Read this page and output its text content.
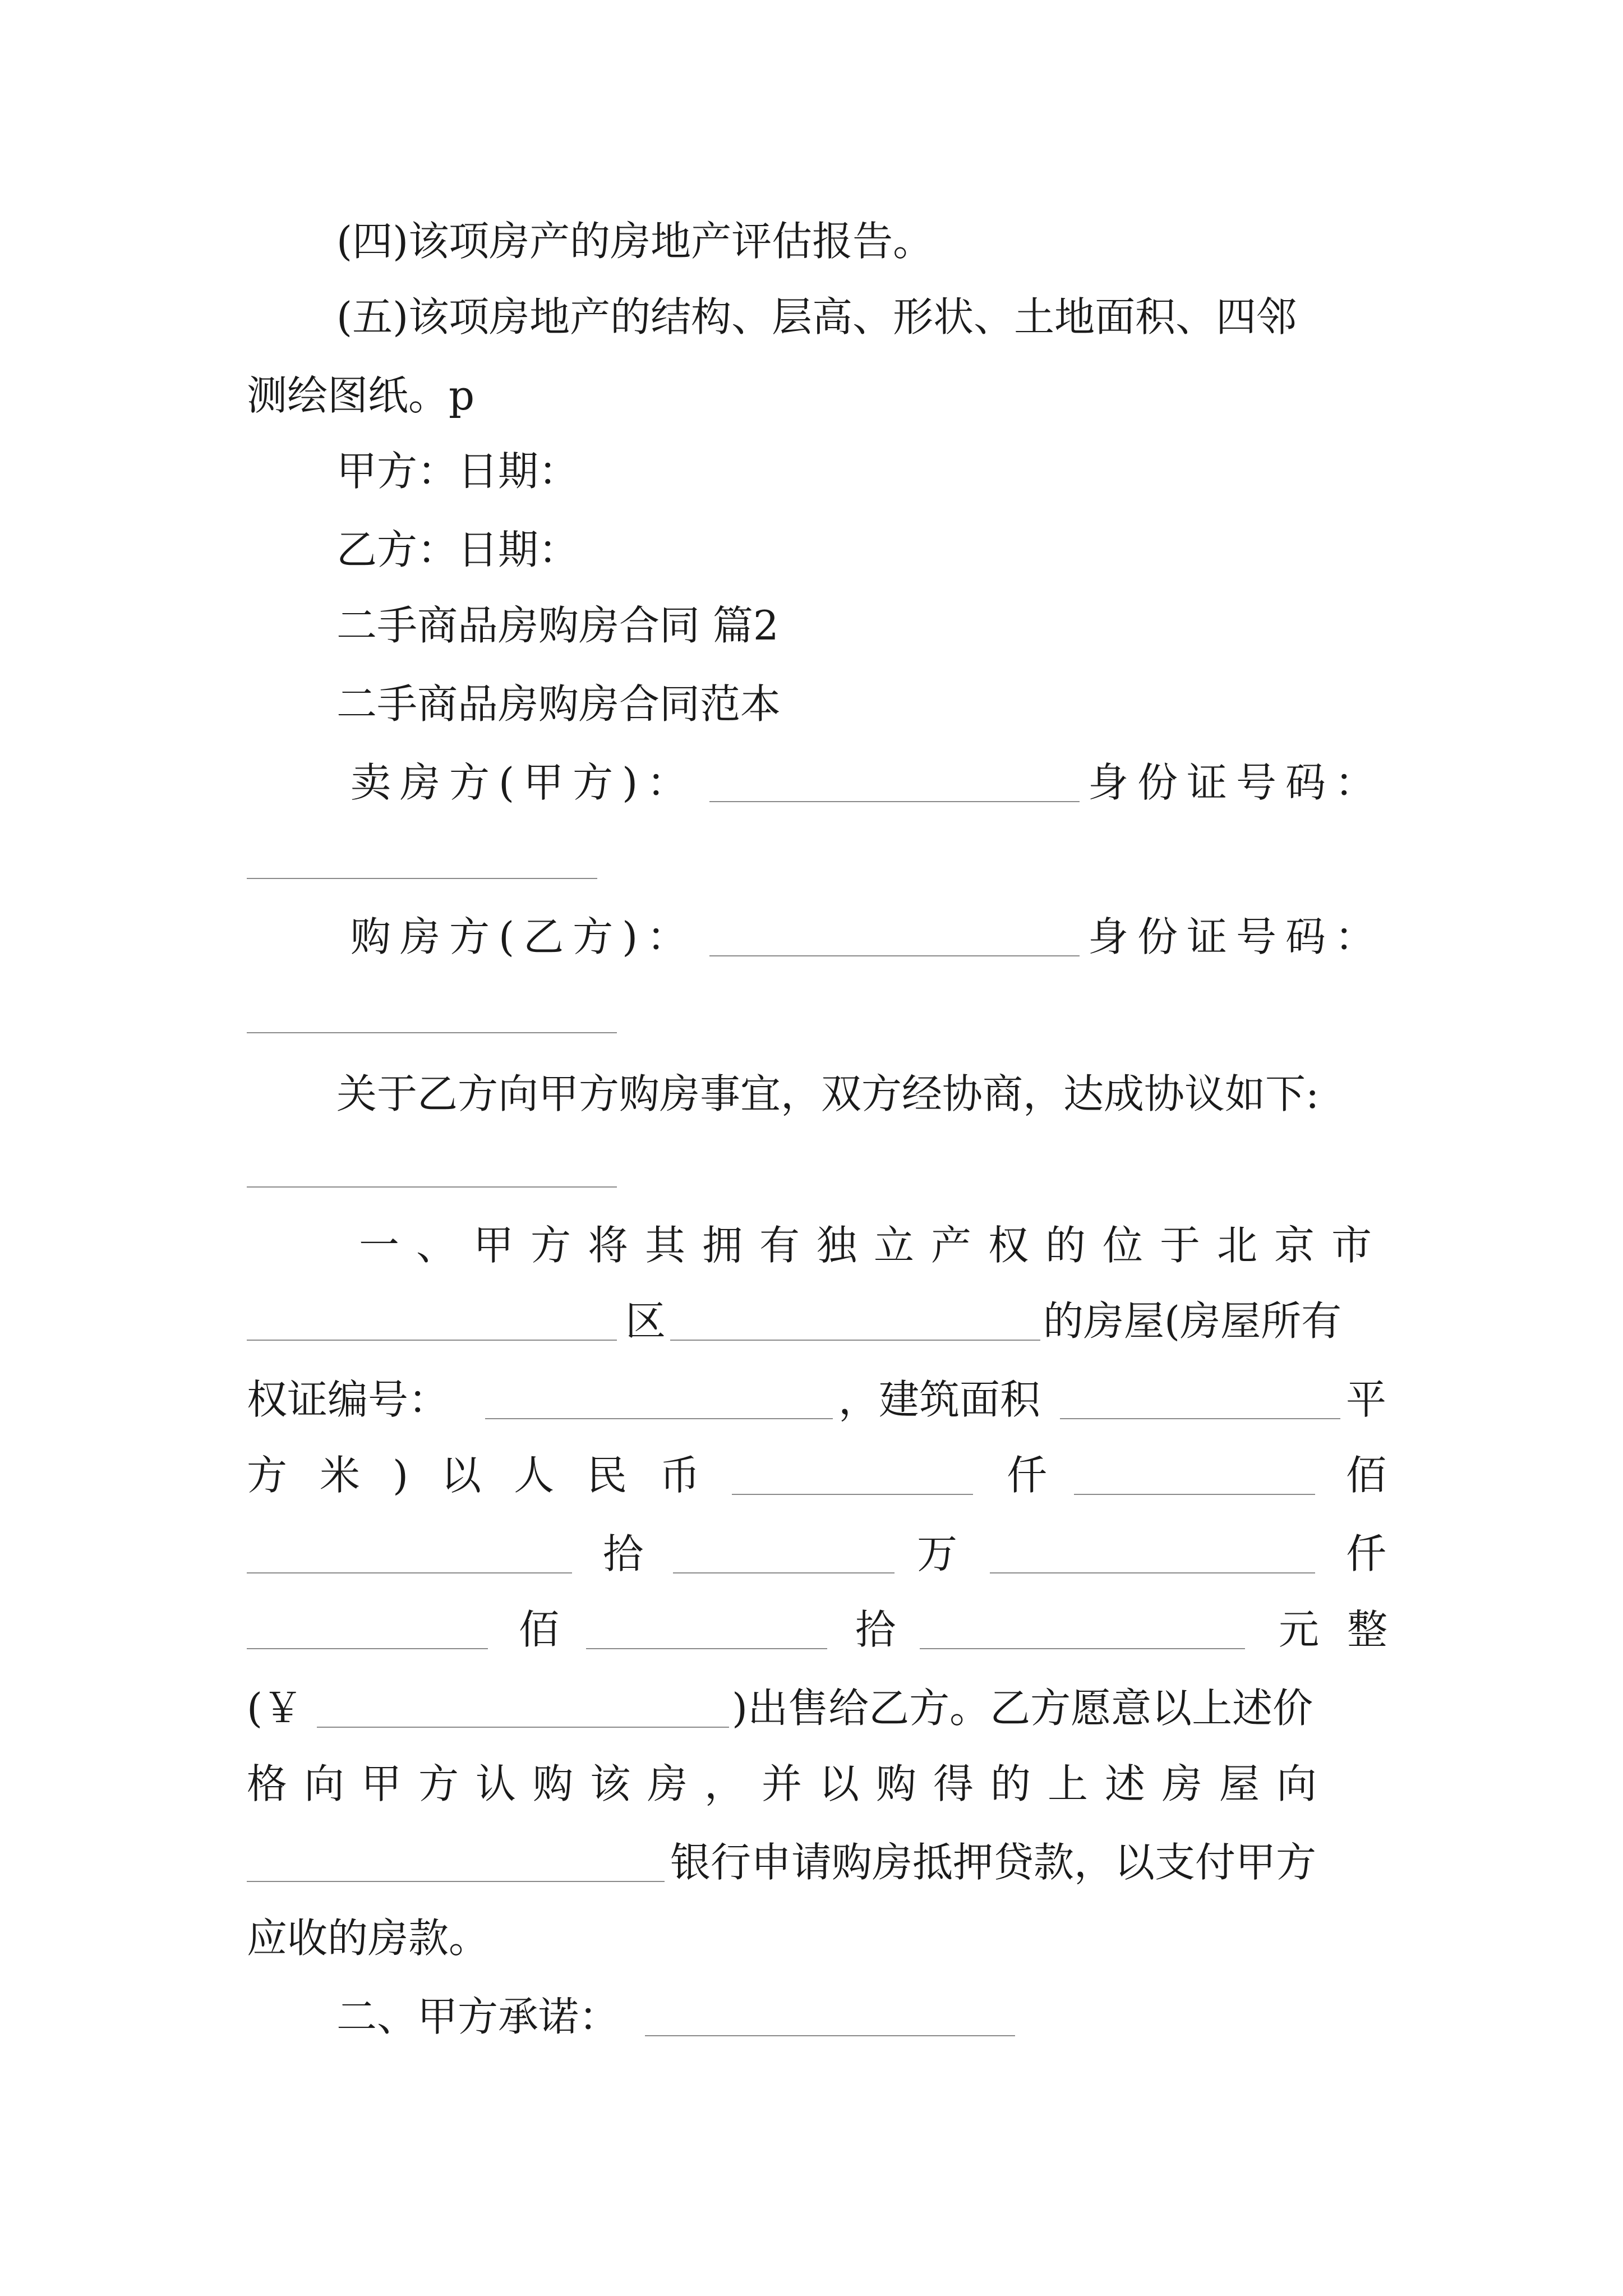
(四)该项房产的房地产评估报告。
(五)该项房地产的结构、层高、形状、土地面积、四邻
测绘图纸。p
甲方：日期：
乙方：日期：
二手商品房购房合同 篇2
二手商品房购房合同范本
卖房方(甲方)：	身份证号码：
购房方(乙方)：	身份证号码：
关于乙方向甲方购房事宜，双方经协商，达成协议如下:
一、甲方将其拥有独立产权的位于北京市
区	的房屋(房屋所有
权证编号：	，建筑面积	平
方米)以人民币	仟	佰
拾	万	仟
佰	拾	元整
(￥	)出售给乙方。乙方愿意以上述价
格向甲方认购该房，并以购得的上述房屋向
银行申请购房抵押贷款，以支付甲方
应收的房款。
二、甲方承诺：
